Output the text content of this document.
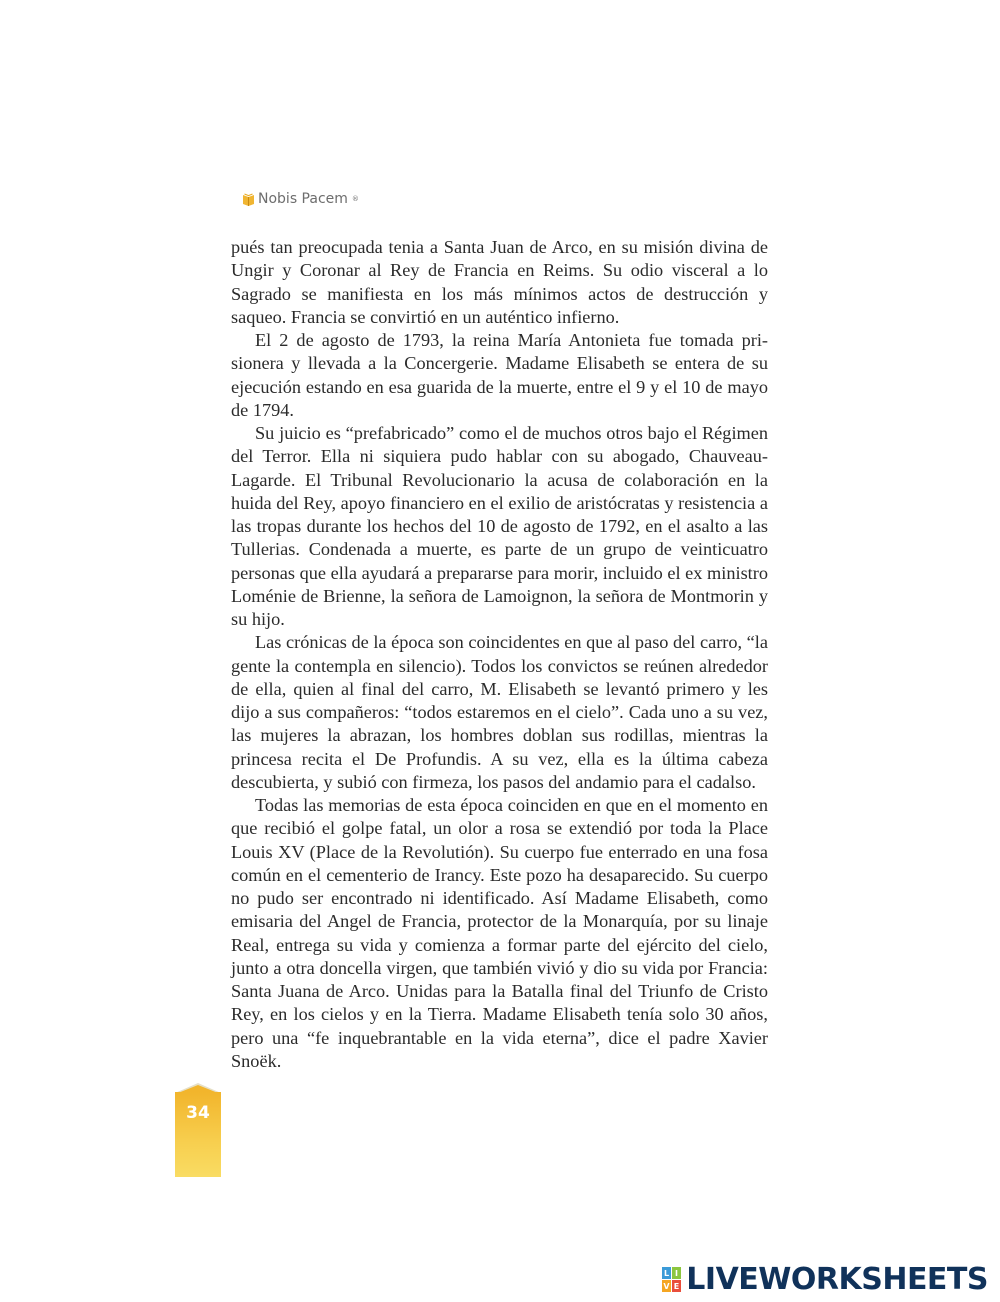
Nobis Pacem ®

pués tan preocupada tenia a Santa Juan de Arco, en su misión divina de Ungir y Coronar al Rey de Francia en Reims. Su odio visceral a lo Sagrado se manifiesta en los más mínimos actos de destrucción y saqueo. Francia se convirtió en un auténtico infierno.

El 2 de agosto de 1793, la reina María Antonieta fue tomada prisionera y llevada a la Concergerie. Madame Elisabeth se entera de su ejecución estando en esa guarida de la muerte, entre el 9 y el 10 de mayo de 1794.

Su juicio es “prefabricado” como el de muchos otros bajo el Régimen del Terror. Ella ni siquiera pudo hablar con su abogado, Chauveau-Lagarde. El Tribunal Revolucionario la acusa de colaboración en la huida del Rey, apoyo financiero en el exilio de aristócratas y resistencia a las tropas durante los hechos del 10 de agosto de 1792, en el asalto a las Tullerias. Condenada a muerte, es parte de un grupo de veinticuatro personas que ella ayudará a prepararse para morir, incluido el ex ministro Loménie de Brienne, la señora de Lamoignon, la señora de Montmorin y su hijo.

Las crónicas de la época son coincidentes en que al paso del carro, “la gente la contempla en silencio). Todos los convictos se reúnen alrededor de ella, quien al final del carro, M. Elisabeth se levantó primero y les dijo a sus compañeros: “todos estaremos en el cielo”. Cada uno a su vez, las mujeres la abrazan, los hombres doblan sus rodillas, mientras la princesa recita el De Profundis. A su vez, ella es la última cabeza descubierta, y subió con firmeza, los pasos del andamio para el cadalso.

Todas las memorias de esta época coinciden en que en el momento en que recibió el golpe fatal, un olor a rosa se extendió por toda la Place Louis XV (Place de la Revolutión). Su cuerpo fue enterrado en una fosa común en el cementerio de Irancy. Este pozo ha desaparecido. Su cuerpo no pudo ser encontrado ni identificado. Así Madame Elisabeth, como emisaria del Angel de Francia, protector de la Monarquía, por su linaje Real, entrega su vida y comienza a formar parte del ejército del cielo, junto a otra doncella virgen, que también vivió y dio su vida por Francia: Santa Juana de Arco. Unidas para la Batalla final del Triunfo de Cristo Rey, en los cielos y en la Tierra. Madame Elisabeth tenía solo 30 años, pero una “fe inquebrantable en la vida eterna”, dice el padre Xavier Snoëk.

34
L I
V E LIVEWORKSHEETS
